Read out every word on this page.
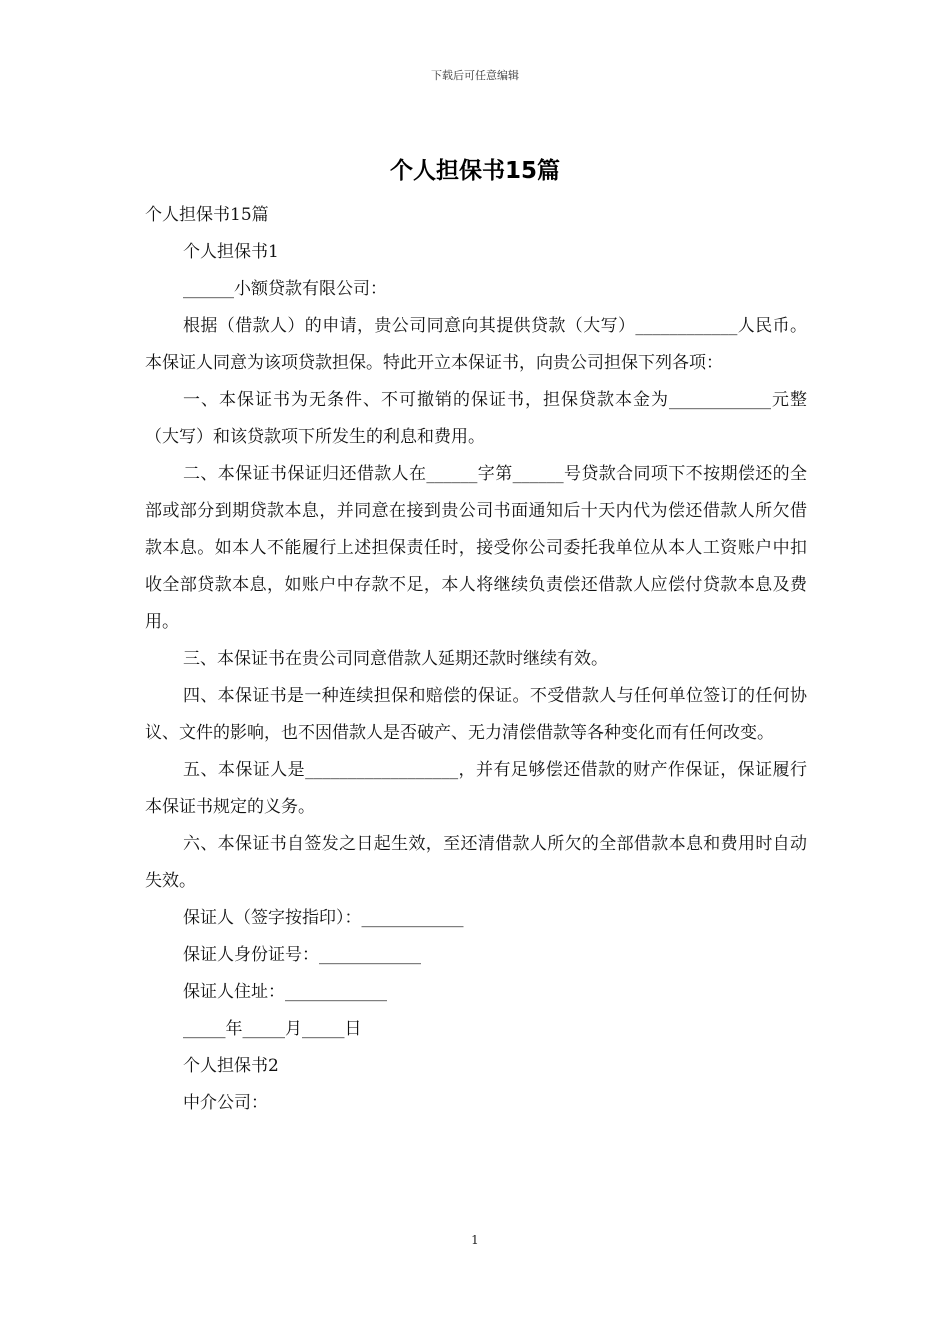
下载后可任意编辑
个人担保书15篇

个人担保书15篇

个人担保书1

______小额贷款有限公司：

根据（借款人）的申请，贵公司同意向其提供贷款（大写）____________人民币。本保证人同意为该项贷款担保。特此开立本保证书，向贵公司担保下列各项：

一、本保证书为无条件、不可撤销的保证书，担保贷款本金为____________元整（大写）和该贷款项下所发生的利息和费用。

二、本保证书保证归还借款人在______字第______号贷款合同项下不按期偿还的全部或部分到期贷款本息，并同意在接到贵公司书面通知后十天内代为偿还借款人所欠借款本息。如本人不能履行上述担保责任时，接受你公司委托我单位从本人工资账户中扣收全部贷款本息，如账户中存款不足，本人将继续负责偿还借款人应偿付贷款本息及费用。

三、本保证书在贵公司同意借款人延期还款时继续有效。

四、本保证书是一种连续担保和赔偿的保证。不受借款人与任何单位签订的任何协议、文件的影响，也不因借款人是否破产、无力清偿借款等各种变化而有任何改变。

五、本保证人是__________________，并有足够偿还借款的财产作保证，保证履行本保证书规定的义务。

六、本保证书自签发之日起生效，至还清借款人所欠的全部借款本息和费用时自动失效。

保证人（签字按指印）：____________

保证人身份证号：____________

保证人住址：____________

_____年_____月_____日

个人担保书2

中介公司：

1
